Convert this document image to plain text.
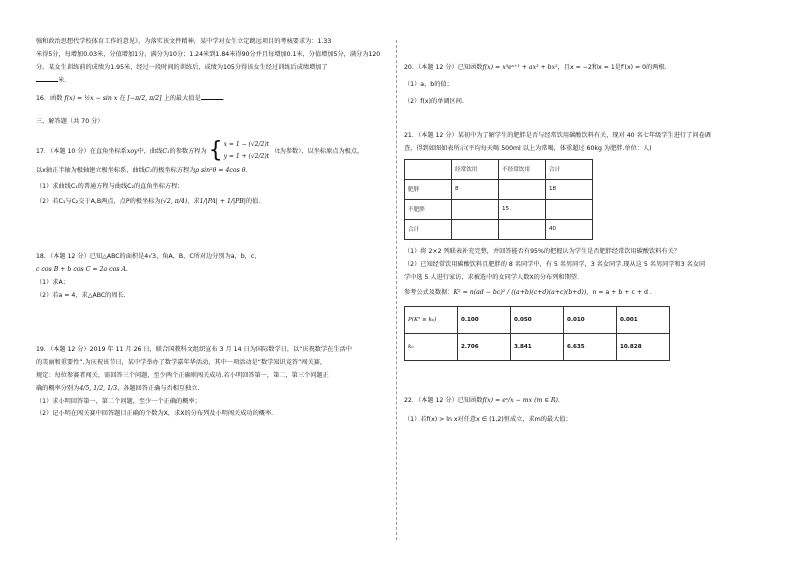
强和政治思想代学校体育工作的意见》，为落实该文件精神，某中学对女生立定跳远项目的考核要求为：1.33
米得5分，每增加0.03米，分值增加1分，满分为10分；1.24米到1.84米得90分并且每增加0.1米，分值增加5分，满分为120
分。某女生训练前的成绩为1.95米，经过一段时间的训练后，成绩为105分得该女生经过训练后成绩增加了
米.
16．函数 f(x) = ½x − sin x 在 [−π/2, π/2] 上的最大值是	.
三、解答题（共 70 分）
17．（本题 10 分）在直角坐标系xoy中，曲线C₁的参数方程为 {x = 1 − (√2/2)t
y = 1 + (√2/2)t （t为参数），以坐标原点为极点，
以x轴正半轴为极轴建立极坐标系，曲线C₂的极坐标方程为ρ sin²θ = 4cos θ.
（1）求曲线C₁的普通方程与曲线C₂的直角坐标方程；
（2）若C₁与C₂交于A,B两点，点P的极坐标为(√2, π/4)，求1/|PA| + 1/|PB|的值.
18．（本题 12 分）已知△ABC的面积是4√3，角A，B，C所对边分别为a，b，c，
c cos B + b cos C = 2a cos A.
（1）求A；
（2）若a = 4，求△ABC的周长.
19．（本题 12 分）2019 年 11 月 26 日，联合国教科文组织宣布 3 月 14 日为国际数学日，以“庆祝数学在生活中
的美丽和重要性”.为庆祝该节日，某中学举办了数学嘉年华活动，其中一项活动是“数学知识竞答”闯关赛，
规定：每位参赛者闯关，需回答三个问题，至少两个正确则闯关成功.若小明回答第一，第二，第三个问题正
确的概率分别为4/5, 1/2, 1/3，各题回答正确与否相互独立.
（1）求小明回答第一，第二个问题，至少一个正确的概率；
（2）记小明在闯关赛中回答题目正确的个数为X，求X的分布列及小明闯关成功的概率.
20．（本题 12 分）已知函数f(x) = x³eˣ⁺¹ + ax³ + bx²，且x = −2和x = 1是f′(x) = 0的两根.
（1）a，b的值；
（2）f(x)的单调区间.
21．（本题 12 分）某初中为了解学生的肥胖是否与经常饮用碳酸饮料有关，现对 40 名七年级学生进行了问卷调
查，得到如图如表所示(平均每天喝 500ml 以上为常喝，体重超过 60kg 为肥胖.单位：人)
	经常饮用	不经常饮用	合计
肥胖	8		18
不肥胖		15	
合计			40
（1）将 2×2 列联表补充完整，并回答能否有95%的把握认为学生是否肥胖经常饮用碳酸饮料有关？
（2）已知经常饮用碳酸饮料且肥胖的 8 名同学中，有 5 名男同学，3 名女同学.现从这 5 名男同学和3 名女同
学中选 5 人进行家访，求被选中的女同学人数X的分布列和期望.
参考公式及数据：K² = n(ad − bc)² / ((a+b)(c+d)(a+c)(b+d))，n = a + b + c + d .
P(K² ≥ k₀)	0.100	0.050	0.010	0.001
k₀	2.706	3.841	6.635	10.828
22．（本题 12 分）已知函数f(x) = eˣ/x − mx (m ∈ R).
（1）若f(x) > ln x对任意x ∈ (1,2)恒成立，求m的最大值；
